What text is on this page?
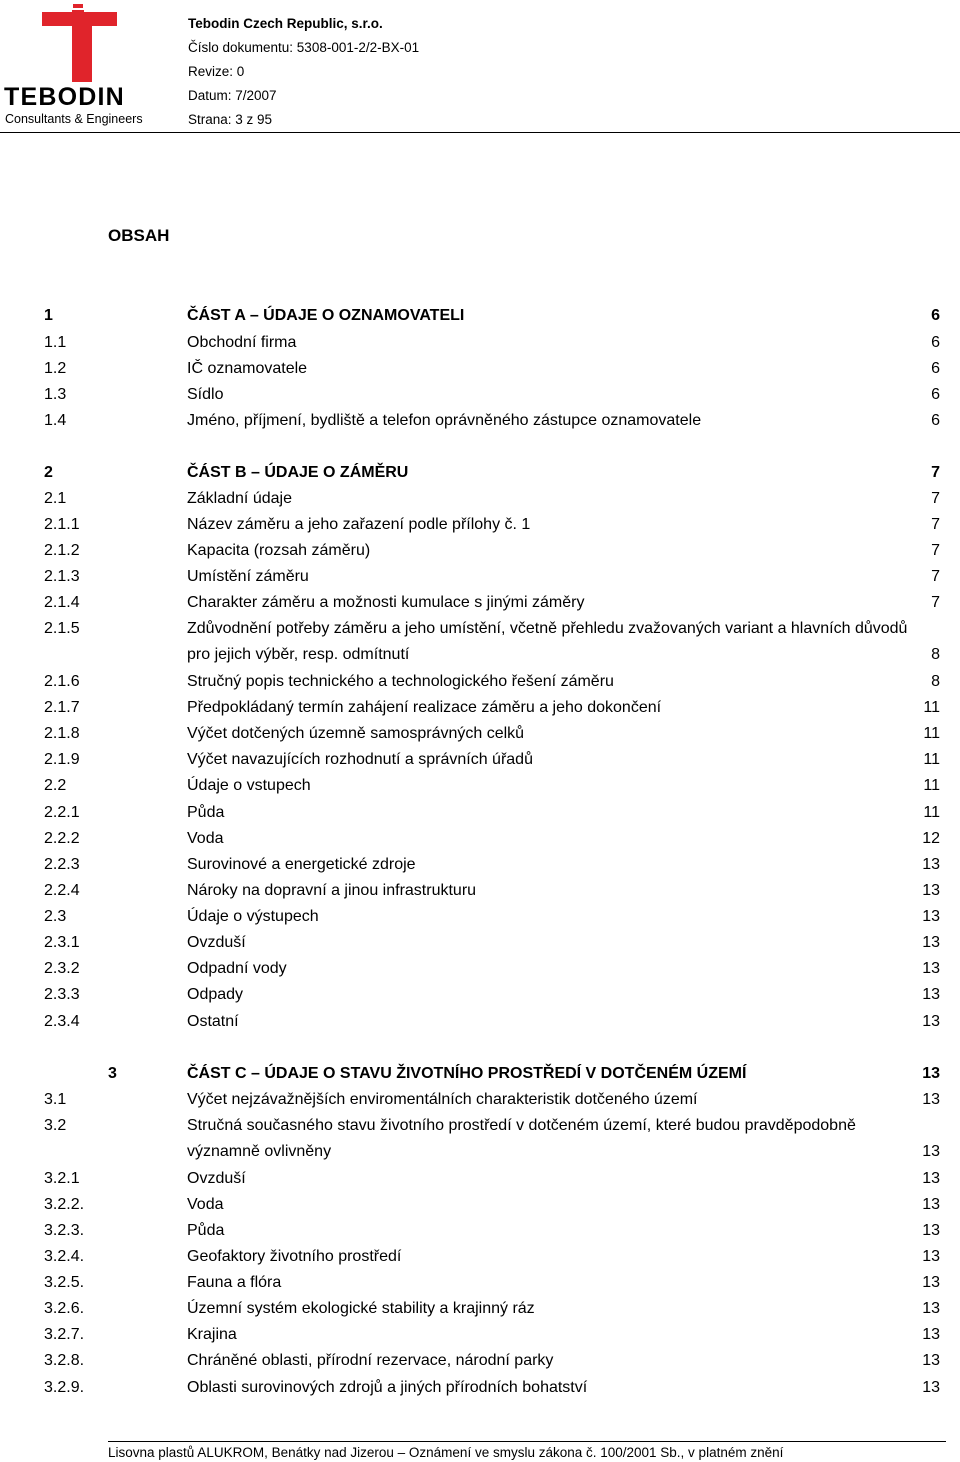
TEBODIN
Consultants & Engineers
Tebodin Czech Republic, s.r.o.
Číslo dokumentu: 5308-001-2/2-BX-01
Revize: 0
Datum: 7/2007
Strana: 3 z 95
OBSAH
1	ČÁST A – ÚDAJE O OZNAMOVATELI	6
1.1	Obchodní firma	6
1.2	IČ oznamovatele	6
1.3	Sídlo	6
1.4	Jméno, příjmení, bydliště a telefon oprávněného zástupce oznamovatele	6
2	ČÁST B – ÚDAJE O ZÁMĚRU	7
2.1	Základní údaje	7
2.1.1	Název záměru a jeho zařazení podle přílohy č. 1	7
2.1.2	Kapacita (rozsah záměru)	7
2.1.3	Umístění záměru	7
2.1.4	Charakter záměru a možnosti kumulace s jinými záměry	7
2.1.5	Zdůvodnění potřeby záměru a jeho umístění, včetně přehledu zvažovaných variant a hlavních důvodů pro jejich výběr, resp. odmítnutí	8
2.1.6	Stručný popis technického a technologického řešení záměru	8
2.1.7	Předpokládaný termín zahájení realizace záměru a jeho dokončení	11
2.1.8	Výčet dotčených územně samosprávných celků	11
2.1.9	Výčet navazujících rozhodnutí a správních úřadů	11
2.2	Údaje o vstupech	11
2.2.1	Půda	11
2.2.2	Voda	12
2.2.3	Surovinové a energetické zdroje	13
2.2.4	Nároky na dopravní a jinou infrastrukturu	13
2.3	Údaje o výstupech	13
2.3.1	Ovzduší	13
2.3.2	Odpadní vody	13
2.3.3	Odpady	13
2.3.4	Ostatní	13
3	ČÁST C – ÚDAJE O STAVU ŽIVOTNÍHO PROSTŘEDÍ V DOTČENÉM ÚZEMÍ	13
3.1	Výčet nejzávažnějších enviromentálních charakteristik dotčeného území	13
3.2	Stručná současného stavu životního prostředí v dotčeném území, které budou pravděpodobně významně ovlivněny	13
3.2.1	Ovzduší	13
3.2.2.	Voda	13
3.2.3.	Půda	13
3.2.4.	Geofaktory životního prostředí	13
3.2.5.	Fauna a flóra	13
3.2.6.	Územní systém ekologické stability a krajinný ráz	13
3.2.7.	Krajina	13
3.2.8.	Chráněné oblasti, přírodní rezervace, národní parky	13
3.2.9.	Oblasti surovinových zdrojů a jiných přírodních bohatství	13
Lisovna plastů ALUKROM, Benátky nad Jizerou – Oznámení ve smyslu zákona č. 100/2001 Sb., v platném znění
